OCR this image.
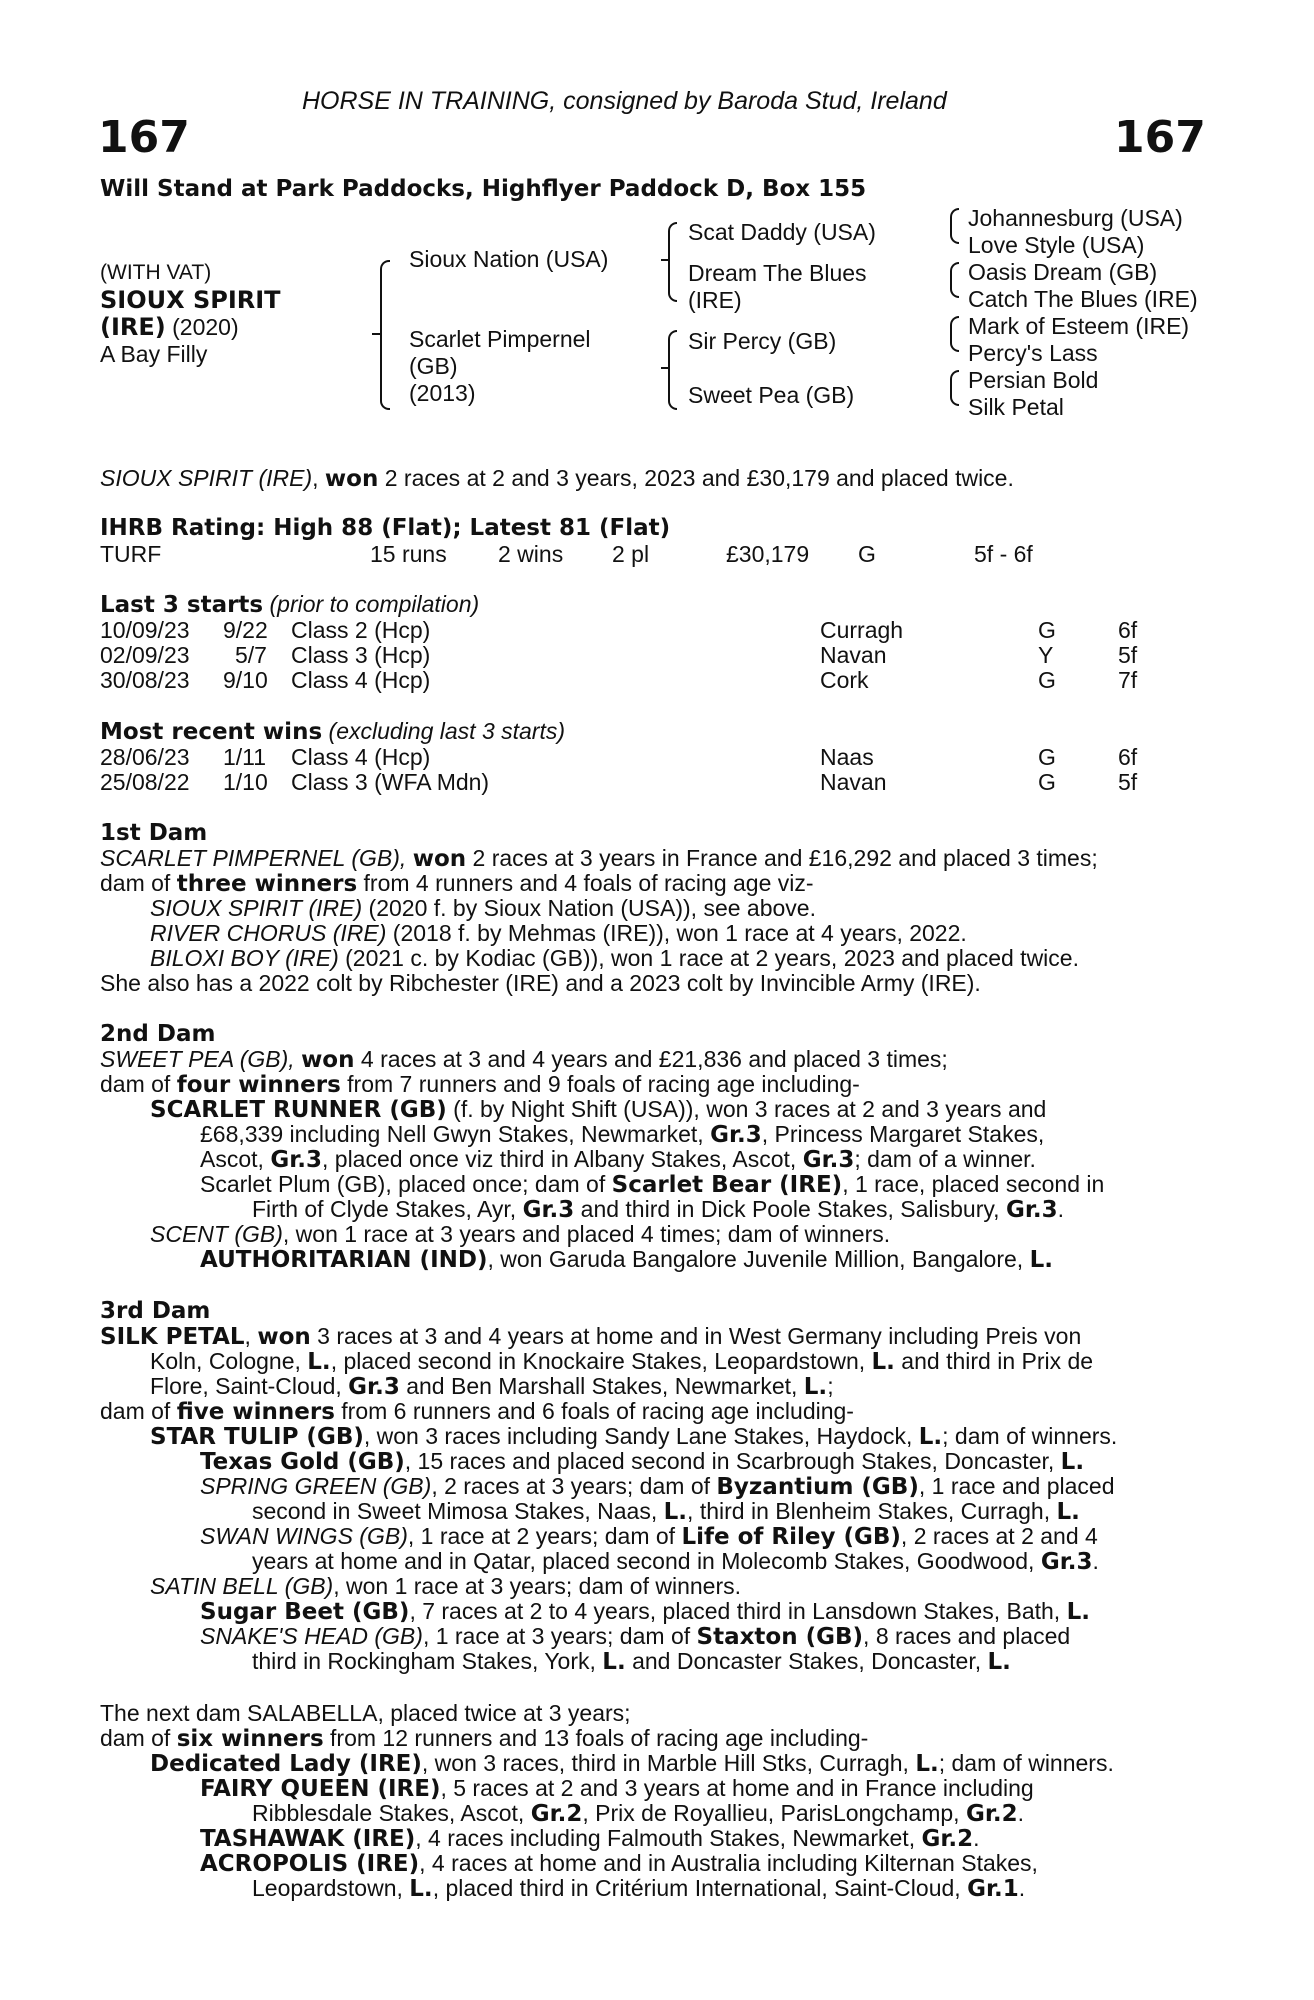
HORSE IN TRAINING, consigned by Baroda Stud, Ireland
167	167
Will Stand at Park Paddocks, Highflyer Paddock D, Box 155
(WITH VAT)
SIOUX SPIRIT
(IRE) (2020)
A Bay Filly
Sioux Nation (USA)
Scarlet Pimpernel
(GB)
(2013)
Scat Daddy (USA)
Dream The Blues
(IRE)
Sir Percy (GB)
Sweet Pea (GB)
Johannesburg (USA)
Love Style (USA)
Oasis Dream (GB)
Catch The Blues (IRE)
Mark of Esteem (IRE)
Percy's Lass
Persian Bold
Silk Petal
SIOUX SPIRIT (IRE), won 2 races at 2 and 3 years, 2023 and £30,179 and placed twice.
IHRB Rating: High 88 (Flat); Latest 81 (Flat)
TURF	15 runs 2 wins 2 pl	£30,179 G	5f - 6f
Last 3 starts (prior to compilation)
10/09/23 9/22 Class 2 (Hcp)	Curragh	G	6f
02/09/23 5/7 Class 3 (Hcp)	Navan	Y	5f
30/08/23 9/10 Class 4 (Hcp)	Cork	G	7f
Most recent wins (excluding last 3 starts)
28/06/23 1/11 Class 4 (Hcp)	Naas	G	6f
25/08/22 1/10 Class 3 (WFA Mdn)	Navan	G	5f
1st Dam
SCARLET PIMPERNEL (GB), won 2 races at 3 years in France and £16,292 and placed 3 times;
dam of three winners from 4 runners and 4 foals of racing age viz-
SIOUX SPIRIT (IRE) (2020 f. by Sioux Nation (USA)), see above.
RIVER CHORUS (IRE) (2018 f. by Mehmas (IRE)), won 1 race at 4 years, 2022.
BILOXI BOY (IRE) (2021 c. by Kodiac (GB)), won 1 race at 2 years, 2023 and placed twice.
She also has a 2022 colt by Ribchester (IRE) and a 2023 colt by Invincible Army (IRE).
2nd Dam
SWEET PEA (GB), won 4 races at 3 and 4 years and £21,836 and placed 3 times;
dam of four winners from 7 runners and 9 foals of racing age including-
SCARLET RUNNER (GB) (f. by Night Shift (USA)), won 3 races at 2 and 3 years and
£68,339 including Nell Gwyn Stakes, Newmarket, Gr.3, Princess Margaret Stakes,
Ascot, Gr.3, placed once viz third in Albany Stakes, Ascot, Gr.3; dam of a winner.
Scarlet Plum (GB), placed once; dam of Scarlet Bear (IRE), 1 race, placed second in
Firth of Clyde Stakes, Ayr, Gr.3 and third in Dick Poole Stakes, Salisbury, Gr.3.
SCENT (GB), won 1 race at 3 years and placed 4 times; dam of winners.
AUTHORITARIAN (IND), won Garuda Bangalore Juvenile Million, Bangalore, L.
3rd Dam
SILK PETAL, won 3 races at 3 and 4 years at home and in West Germany including Preis von
Koln, Cologne, L., placed second in Knockaire Stakes, Leopardstown, L. and third in Prix de
Flore, Saint-Cloud, Gr.3 and Ben Marshall Stakes, Newmarket, L.;
dam of five winners from 6 runners and 6 foals of racing age including-
STAR TULIP (GB), won 3 races including Sandy Lane Stakes, Haydock, L.; dam of winners.
Texas Gold (GB), 15 races and placed second in Scarbrough Stakes, Doncaster, L.
SPRING GREEN (GB), 2 races at 3 years; dam of Byzantium (GB), 1 race and placed
second in Sweet Mimosa Stakes, Naas, L., third in Blenheim Stakes, Curragh, L.
SWAN WINGS (GB), 1 race at 2 years; dam of Life of Riley (GB), 2 races at 2 and 4
years at home and in Qatar, placed second in Molecomb Stakes, Goodwood, Gr.3.
SATIN BELL (GB), won 1 race at 3 years; dam of winners.
Sugar Beet (GB), 7 races at 2 to 4 years, placed third in Lansdown Stakes, Bath, L.
SNAKE'S HEAD (GB), 1 race at 3 years; dam of Staxton (GB), 8 races and placed
third in Rockingham Stakes, York, L. and Doncaster Stakes, Doncaster, L.
The next dam SALABELLA, placed twice at 3 years;
dam of six winners from 12 runners and 13 foals of racing age including-
Dedicated Lady (IRE), won 3 races, third in Marble Hill Stks, Curragh, L.; dam of winners.
FAIRY QUEEN (IRE), 5 races at 2 and 3 years at home and in France including
Ribblesdale Stakes, Ascot, Gr.2, Prix de Royallieu, ParisLongchamp, Gr.2.
TASHAWAK (IRE), 4 races including Falmouth Stakes, Newmarket, Gr.2.
ACROPOLIS (IRE), 4 races at home and in Australia including Kilternan Stakes,
Leopardstown, L., placed third in Critérium International, Saint-Cloud, Gr.1.
